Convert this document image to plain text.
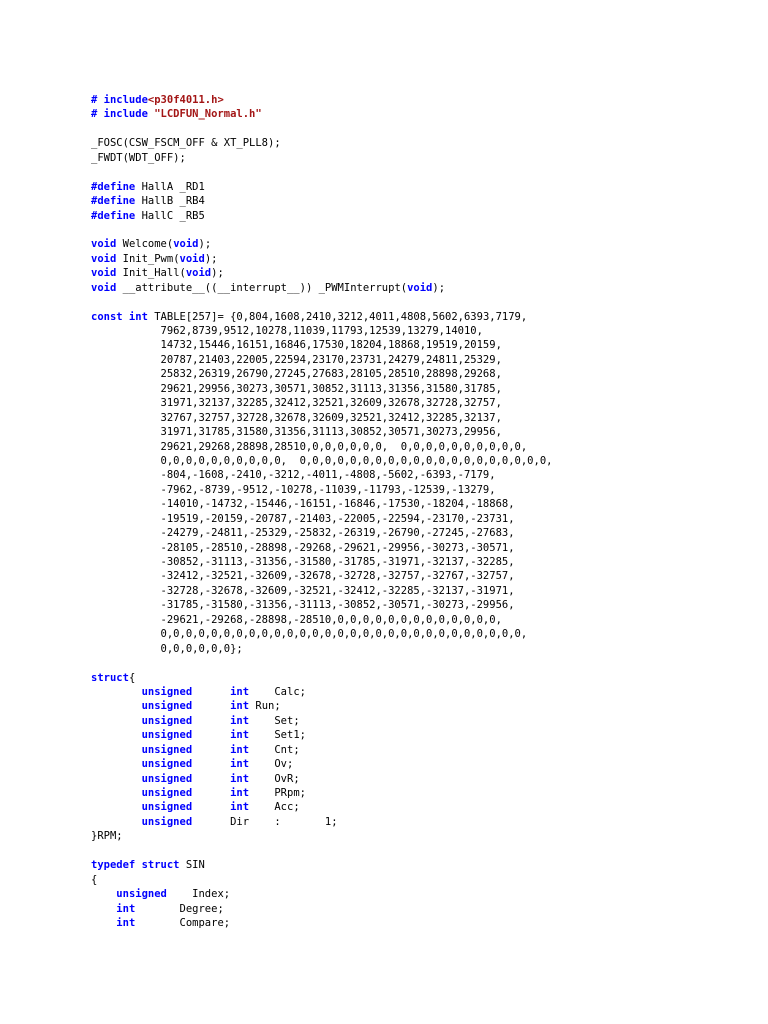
# include<p30f4011.h>
# include "LCDFUN_Normal.h"
_FOSC(CSW_FSCM_OFF & XT_PLL8);
_FWDT(WDT_OFF);
#define HallA _RD1
#define HallB _RB4
#define HallC _RB5
void Welcome(void);
void Init_Pwm(void);
void Init_Hall(void);
void __attribute__((__interrupt__)) _PWMInterrupt(void);
const int TABLE[257]= {0,804,1608,2410,3212,4011,4808,5602,6393,7179,
7962,8739,9512,10278,11039,11793,12539,13279,14010,
14732,15446,16151,16846,17530,18204,18868,19519,20159,
20787,21403,22005,22594,23170,23731,24279,24811,25329,
25832,26319,26790,27245,27683,28105,28510,28898,29268,
29621,29956,30273,30571,30852,31113,31356,31580,31785,
31971,32137,32285,32412,32521,32609,32678,32728,32757,
32767,32757,32728,32678,32609,32521,32412,32285,32137,
31971,31785,31580,31356,31113,30852,30571,30273,29956,
29621,29268,28898,28510,0,0,0,0,0,0,  0,0,0,0,0,0,0,0,0,0,
0,0,0,0,0,0,0,0,0,0,  0,0,0,0,0,0,0,0,0,0,0,0,0,0,0,0,0,0,0,0,
-804,-1608,-2410,-3212,-4011,-4808,-5602,-6393,-7179,
-7962,-8739,-9512,-10278,-11039,-11793,-12539,-13279,
-14010,-14732,-15446,-16151,-16846,-17530,-18204,-18868,
-19519,-20159,-20787,-21403,-22005,-22594,-23170,-23731,
-24279,-24811,-25329,-25832,-26319,-26790,-27245,-27683,
-28105,-28510,-28898,-29268,-29621,-29956,-30273,-30571,
-30852,-31113,-31356,-31580,-31785,-31971,-32137,-32285,
-32412,-32521,-32609,-32678,-32728,-32757,-32767,-32757,
-32728,-32678,-32609,-32521,-32412,-32285,-32137,-31971,
-31785,-31580,-31356,-31113,-30852,-30571,-30273,-29956,
-29621,-29268,-28898,-28510,0,0,0,0,0,0,0,0,0,0,0,0,0,
0,0,0,0,0,0,0,0,0,0,0,0,0,0,0,0,0,0,0,0,0,0,0,0,0,0,0,0,0,
0,0,0,0,0,0};
struct{
unsigned	int    Calc;
unsigned	int Run;
unsigned	int    Set;
unsigned	int    Set1;
unsigned	int    Cnt;
unsigned	int    Ov;
unsigned	int    OvR;
unsigned	int    PRpm;
unsigned	int    Acc;
unsigned      Dir    :       1;
}RPM;
typedef struct SIN
{
unsigned    Index;
int       Degree;
int       Compare;
